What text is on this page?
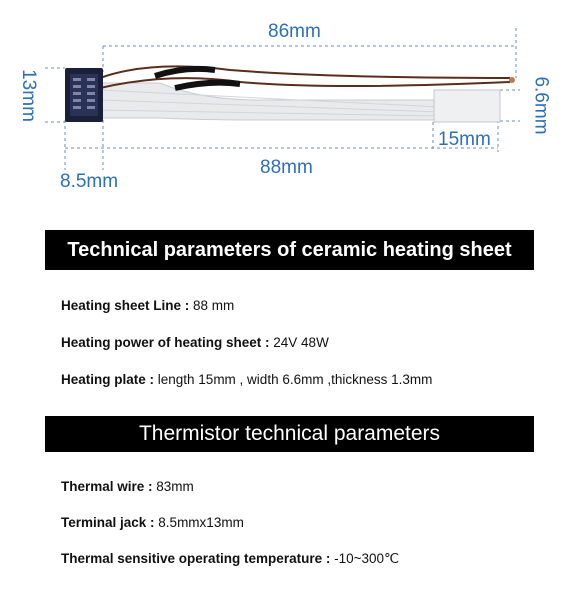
86mm
88mm
13mm
8.5mm
15mm
6.6mm
Technical parameters of ceramic heating sheet
Heating sheet Line : 88 mm
Heating power of heating sheet : 24V 48W
Heating plate : length 15mm , width 6.6mm ,thickness 1.3mm
Thermistor technical parameters
Thermal wire : 83mm
Terminal jack : 8.5mmx13mm
Thermal sensitive operating temperature : -10~300℃
